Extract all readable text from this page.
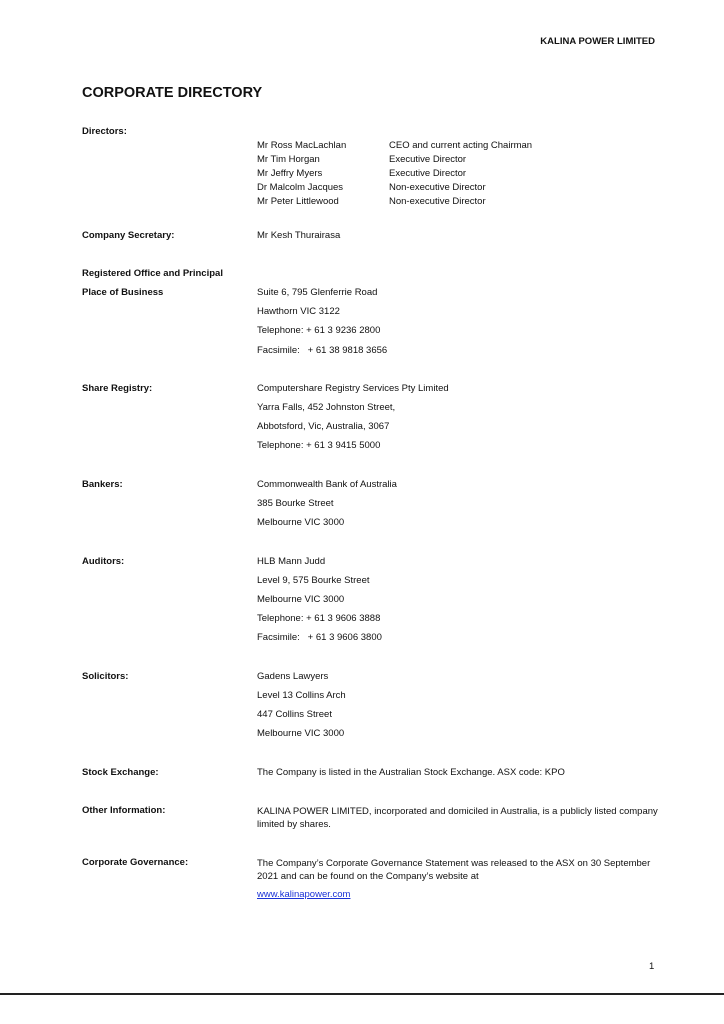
KALINA POWER LIMITED
CORPORATE DIRECTORY
Directors:
Mr Ross MacLachlan	CEO and current acting Chairman
Mr Tim Horgan	Executive Director
Mr Jeffry Myers	Executive Director
Dr Malcolm Jacques	Non-executive Director
Mr Peter Littlewood	Non-executive Director
Company Secretary:	Mr Kesh Thurairasa
Registered Office and Principal
Place of Business	Suite 6, 795 Glenferrie Road
Hawthorn VIC 3122
Telephone: + 61 3 9236 2800
Facsimile:   + 61 38 9818 3656
Share Registry:	Computershare Registry Services Pty Limited
Yarra Falls, 452 Johnston Street,
Abbotsford, Vic, Australia, 3067
Telephone: + 61 3 9415 5000
Bankers:	Commonwealth Bank of Australia
385 Bourke Street
Melbourne VIC 3000
Auditors:	HLB Mann Judd
Level 9, 575 Bourke Street
Melbourne VIC 3000
Telephone: + 61 3 9606 3888
Facsimile:   + 61 3 9606 3800
Solicitors:	Gadens Lawyers
Level 13 Collins Arch
447 Collins Street
Melbourne VIC 3000
Stock Exchange:	The Company is listed in the Australian Stock Exchange. ASX code: KPO
Other Information:	KALINA POWER LIMITED, incorporated and domiciled in Australia, is a publicly listed company limited by shares.
Corporate Governance:	The Company’s Corporate Governance Statement was released to the ASX on 30 September 2021 and can be found on the Company’s website at
www.kalinapower.com
1
